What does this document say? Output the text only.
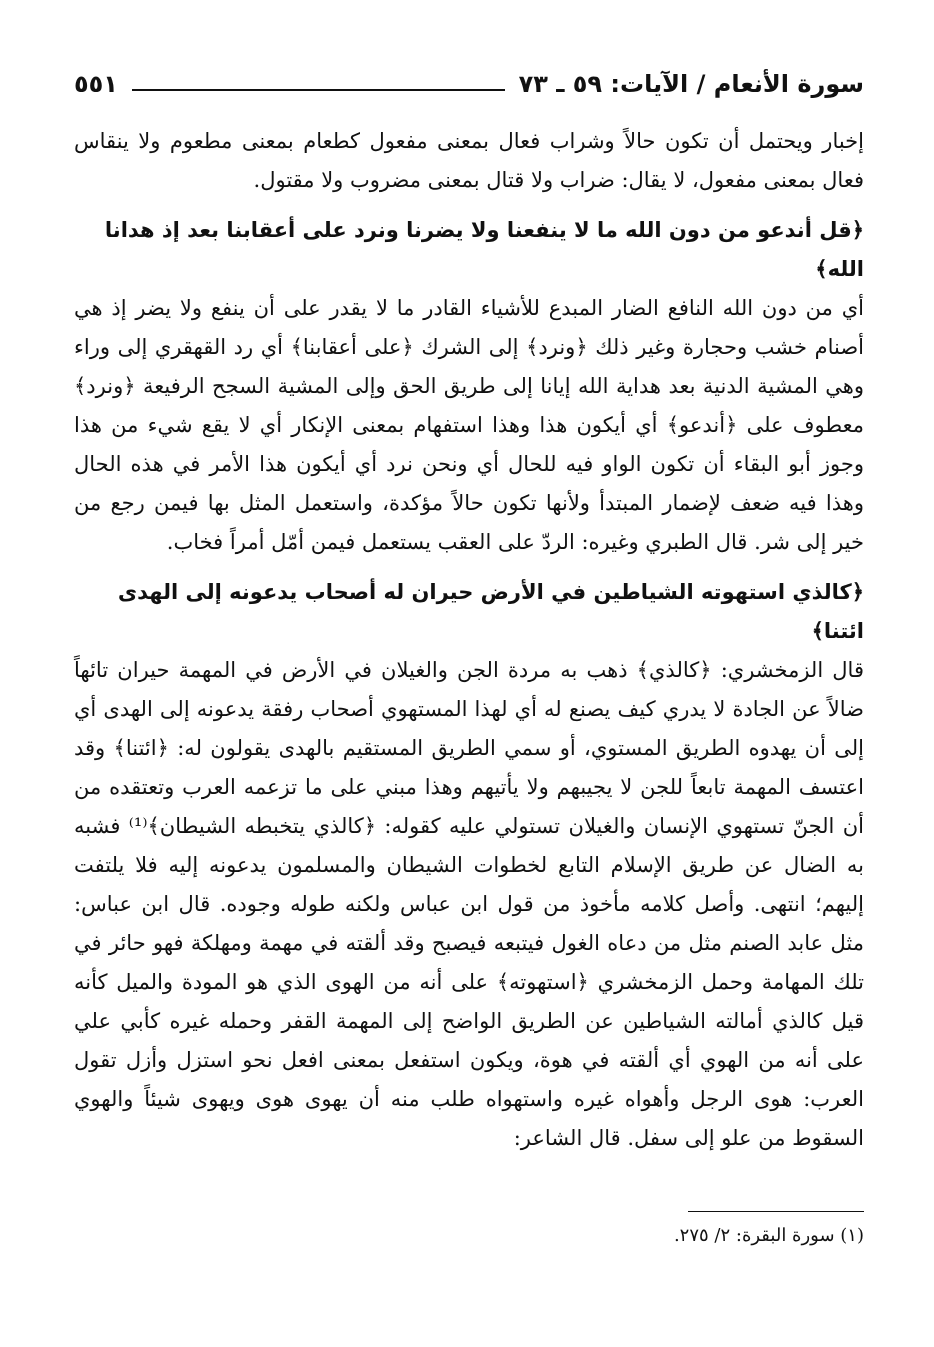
سورة الأنعام / الآيات: ٥٩ ـ ٧٣
٥٥١

إخبار ويحتمل أن تكون حالاً وشراب فعال بمعنى مفعول كطعام بمعنى مطعوم ولا ينقاس فعال بمعنى مفعول، لا يقال: ضراب ولا قتال بمعنى مضروب ولا مقتول.

﴿قل أندعو من دون الله ما لا ينفعنا ولا يضرنا ونرد على أعقابنا بعد إذ هدانا الله﴾

أي من دون الله النافع الضار المبدع للأشياء القادر ما لا يقدر على أن ينفع ولا يضر إذ هي أصنام خشب وحجارة وغير ذلك ﴿ونرد﴾ إلى الشرك ﴿على أعقابنا﴾ أي رد القهقري إلى وراء وهي المشية الدنية بعد هداية الله إيانا إلى طريق الحق وإلى المشية السجح الرفيعة ﴿ونرد﴾ معطوف على ﴿أندعو﴾ أي أيكون هذا وهذا استفهام بمعنى الإنكار أي لا يقع شيء من هذا وجوز أبو البقاء أن تكون الواو فيه للحال أي ونحن نرد أي أيكون هذا الأمر في هذه الحال وهذا فيه ضعف لإضمار المبتدأ ولأنها تكون حالاً مؤكدة، واستعمل المثل بها فيمن رجع من خير إلى شر. قال الطبري وغيره: الردّ على العقب يستعمل فيمن أمّل أمراً فخاب.

﴿كالذي استهوته الشياطين في الأرض حيران له أصحاب يدعونه إلى الهدى ائتنا﴾

قال الزمخشري: ﴿كالذي﴾ ذهب به مردة الجن والغيلان في الأرض في المهمة حيران تائهاً ضالاً عن الجادة لا يدري كيف يصنع له أي لهذا المستهوي أصحاب رفقة يدعونه إلى الهدى أي إلى أن يهدوه الطريق المستوي، أو سمي الطريق المستقيم بالهدى يقولون له: ﴿ائتنا﴾ وقد اعتسف المهمة تابعاً للجن لا يجيبهم ولا يأتيهم وهذا مبني على ما تزعمه العرب وتعتقده من أن الجنّ تستهوي الإنسان والغيلان تستولي عليه كقوله: ﴿كالذي يتخبطه الشيطان﴾⁽¹⁾ فشبه به الضال عن طريق الإسلام التابع لخطوات الشيطان والمسلمون يدعونه إليه فلا يلتفت إليهم؛ انتهى. وأصل كلامه مأخوذ من قول ابن عباس ولكنه طوله وجوده. قال ابن عباس: مثل عابد الصنم مثل من دعاه الغول فيتبعه فيصبح وقد ألقته في مهمة ومهلكة فهو حائر في تلك المهامة وحمل الزمخشري ﴿استهوته﴾ على أنه من الهوى الذي هو المودة والميل كأنه قيل كالذي أمالته الشياطين عن الطريق الواضح إلى المهمة القفر وحمله غيره كأبي علي على أنه من الهوي أي ألقته في هوة، ويكون استفعل بمعنى افعل نحو استزل وأزل تقول العرب: هوى الرجل وأهواه غيره واستهواه طلب منه أن يهوى هوى ويهوى شيئاً والهوي السقوط من علو إلى سفل. قال الشاعر:

(١) سورة البقرة: ٢/ ٢٧٥.
